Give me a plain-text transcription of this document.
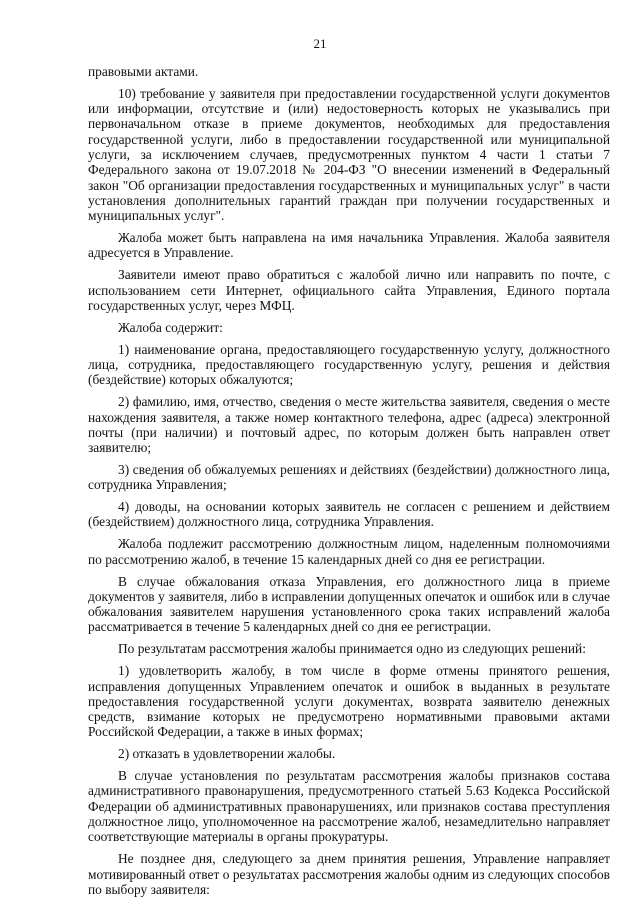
21

правовыми актами.

10) требование у заявителя при предоставлении государственной услуги документов или информации, отсутствие и (или) недостоверность которых не указывались при первоначальном отказе в приеме документов, необходимых для предоставления государственной услуги, либо в предоставлении государственной или муниципальной услуги, за исключением случаев, предусмотренных пунктом 4 части 1 статьи 7 Федерального закона от 19.07.2018 № 204-ФЗ "О внесении изменений в Федеральный закон "Об организации предоставления государственных и муниципальных услуг" в части установления дополнительных гарантий граждан при получении государственных и муниципальных услуг".

Жалоба может быть направлена на имя начальника Управления. Жалоба заявителя адресуется в Управление.

Заявители имеют право обратиться с жалобой лично или направить по почте, с использованием сети Интернет, официального сайта Управления, Единого портала государственных услуг, через МФЦ.

Жалоба содержит:

1) наименование органа, предоставляющего государственную услугу, должностного лица, сотрудника, предоставляющего государственную услугу, решения и действия (бездействие) которых обжалуются;

2) фамилию, имя, отчество, сведения о месте жительства заявителя, сведения о месте нахождения заявителя, а также номер контактного телефона, адрес (адреса) электронной почты (при наличии) и почтовый адрес, по которым должен быть направлен ответ заявителю;

3) сведения об обжалуемых решениях и действиях (бездействии) должностного лица, сотрудника Управления;

4) доводы, на основании которых заявитель не согласен с решением и действием (бездействием) должностного лица, сотрудника Управления.

Жалоба подлежит рассмотрению должностным лицом, наделенным полномочиями по рассмотрению жалоб, в течение 15 календарных дней со дня ее регистрации.

В случае обжалования отказа Управления, его должностного лица в приеме документов у заявителя, либо в исправлении допущенных опечаток и ошибок или в случае обжалования заявителем нарушения установленного срока таких исправлений жалоба рассматривается в течение 5 календарных дней со дня ее регистрации.

По результатам рассмотрения жалобы принимается одно из следующих решений:

1) удовлетворить жалобу, в том числе в форме отмены принятого решения, исправления допущенных Управлением опечаток и ошибок в выданных в результате предоставления государственной услуги документах, возврата заявителю денежных средств, взимание которых не предусмотрено нормативными правовыми актами Российской Федерации, а также в иных формах;

2) отказать в удовлетворении жалобы.

В случае установления по результатам рассмотрения жалобы признаков состава административного правонарушения, предусмотренного статьей 5.63 Кодекса Российской Федерации об административных правонарушениях, или признаков состава преступления должностное лицо, уполномоченное на рассмотрение жалоб, незамедлительно направляет соответствующие материалы в органы прокуратуры.

Не позднее дня, следующего за днем принятия решения, Управление направляет мотивированный ответ о результатах рассмотрения жалобы одним из следующих способов по выбору заявителя:
